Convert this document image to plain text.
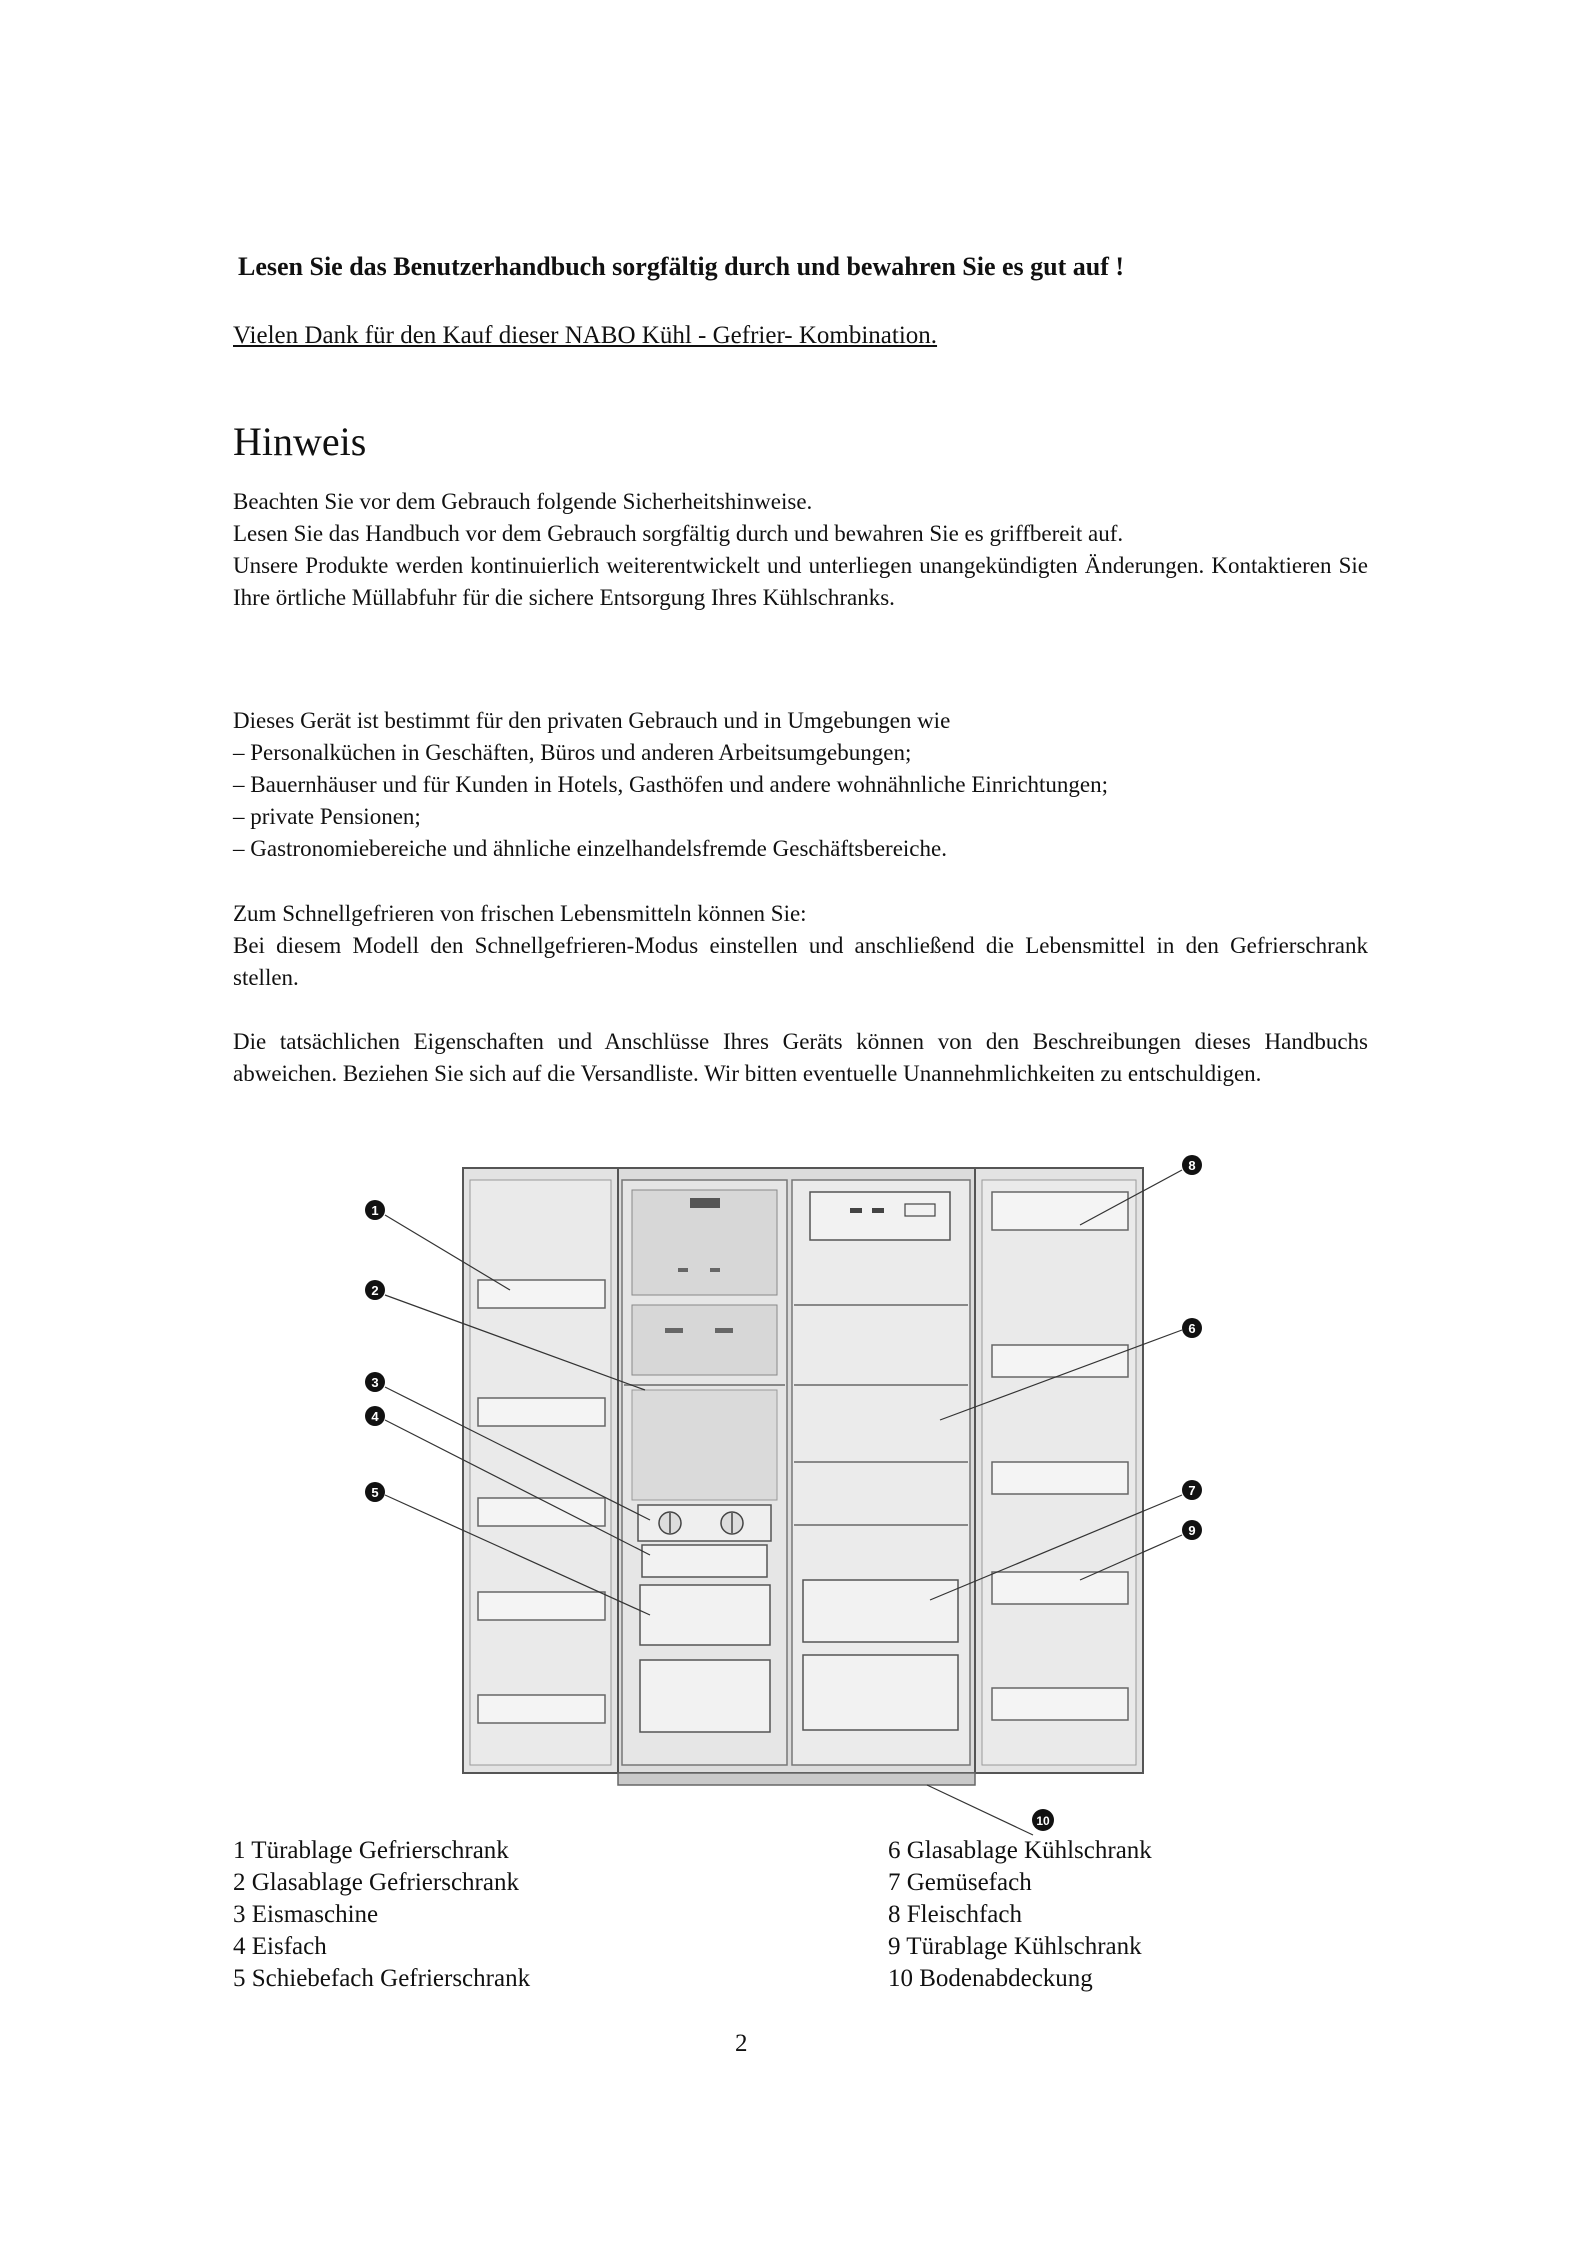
Lesen Sie das Benutzerhandbuch sorgfältig durch und bewahren Sie es gut auf !
Vielen Dank für den Kauf dieser NABO Kühl - Gefrier- Kombination.
Hinweis

Beachten Sie vor dem Gebrauch folgende Sicherheitshinweise.

Lesen Sie das Handbuch vor dem Gebrauch sorgfältig durch und bewahren Sie es griffbereit auf.

Unsere Produkte werden kontinuierlich weiterentwickelt und unterliegen unangekündigten Änderungen. Kontaktieren Sie Ihre örtliche Müllabfuhr für die sichere Entsorgung Ihres Kühlschranks.

Dieses Gerät ist bestimmt für den privaten Gebrauch und in Umgebungen wie

– Personalküchen in Geschäften, Büros und anderen Arbeitsumgebungen;
– Bauernhäuser und für Kunden in Hotels, Gasthöfen und andere wohnähnliche Einrichtungen;
– private Pensionen;
– Gastronomiebereiche und ähnliche einzelhandelsfremde Geschäftsbereiche.

Zum Schnellgefrieren von frischen Lebensmitteln können Sie:

Bei diesem Modell den Schnellgefrieren-Modus einstellen und anschließend die Lebensmittel in den Gefrierschrank stellen.

Die tatsächlichen Eigenschaften und Anschlüsse Ihres Geräts können von den Beschreibungen dieses Handbuchs abweichen. Beziehen Sie sich auf die Versandliste. Wir bitten eventuelle Unannehmlichkeiten zu entschuldigen.

1
2
3
4
5
6
7
8
9
10
1 Türablage Gefrierschrank
2 Glasablage Gefrierschrank
3 Eismaschine
4 Eisfach
5 Schiebefach Gefrierschrank
6 Glasablage Kühlschrank
7 Gemüsefach
8 Fleischfach
9 Türablage Kühlschrank
10 Bodenabdeckung
2
